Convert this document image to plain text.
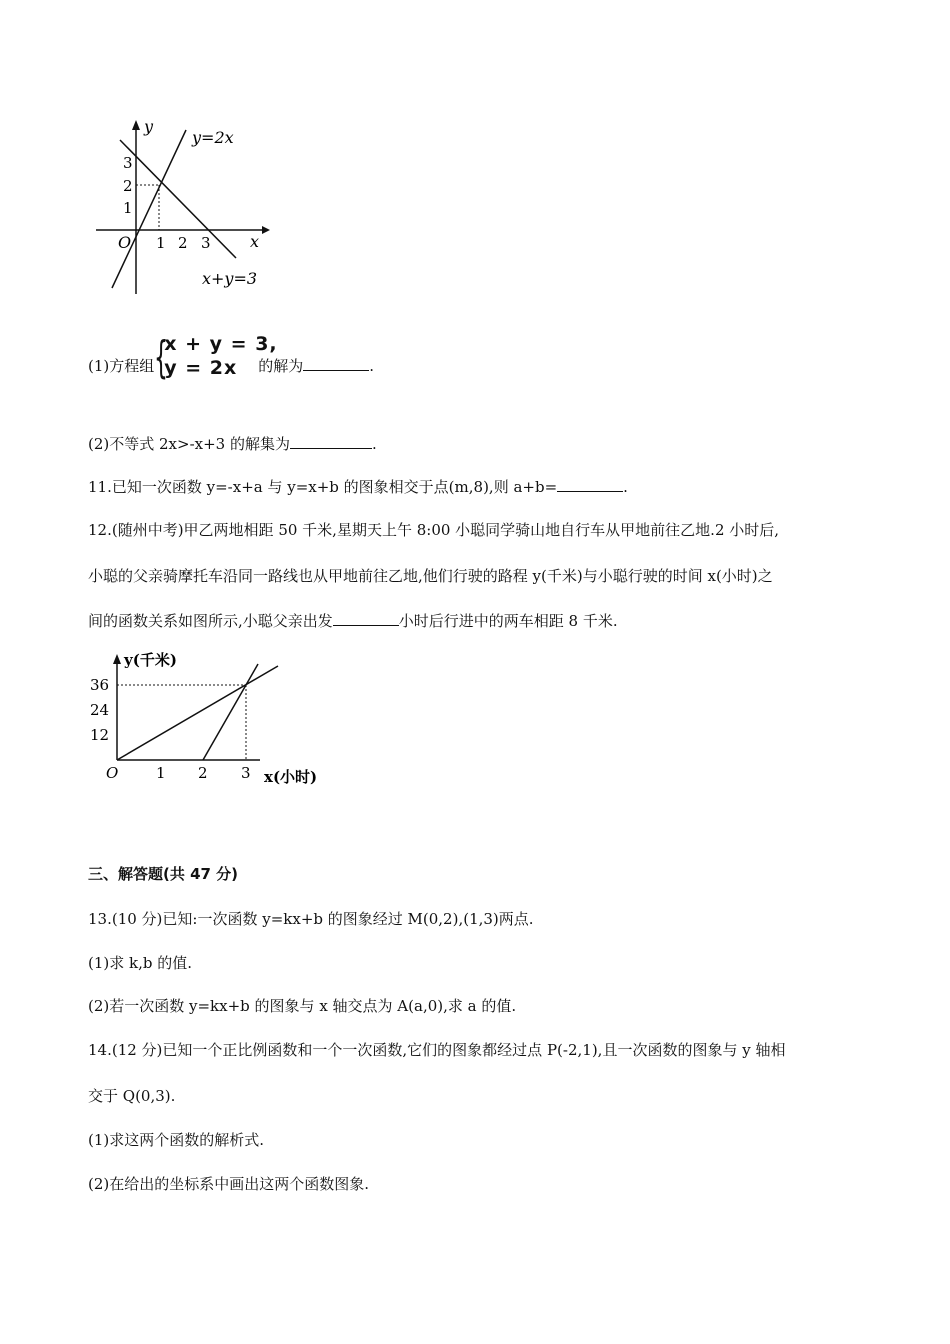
y
x
O
3
2
1
1 2 3
y=2x
x+y=3
(1)方程组 {
x + y = 3,
y = 2x 的解为	.
(2)不等式 2x>-x+3 的解集为	.
11.已知一次函数 y=-x+a 与 y=x+b 的图象相交于点(m,8),则 a+b=	.
12.(随州中考)甲乙两地相距 50 千米,星期天上午 8:00 小聪同学骑山地自行车从甲地前往乙地.2 小时后,
小聪的父亲骑摩托车沿同一路线也从甲地前往乙地,他们行驶的路程 y(千米)与小聪行驶的时间 x(小时)之
间的函数关系如图所示,小聪父亲出发	小时后行进中的两车相距 8 千米.
y(千米)
x(小时)
O
36
24
12
1 2 3
三、解答题(共 47 分)
13.(10 分)已知:一次函数 y=kx+b 的图象经过 M(0,2),(1,3)两点.
(1)求 k,b 的值.
(2)若一次函数 y=kx+b 的图象与 x 轴交点为 A(a,0),求 a 的值.
14.(12 分)已知一个正比例函数和一个一次函数,它们的图象都经过点 P(-2,1),且一次函数的图象与 y 轴相
交于 Q(0,3).
(1)求这两个函数的解析式.
(2)在给出的坐标系中画出这两个函数图象.
